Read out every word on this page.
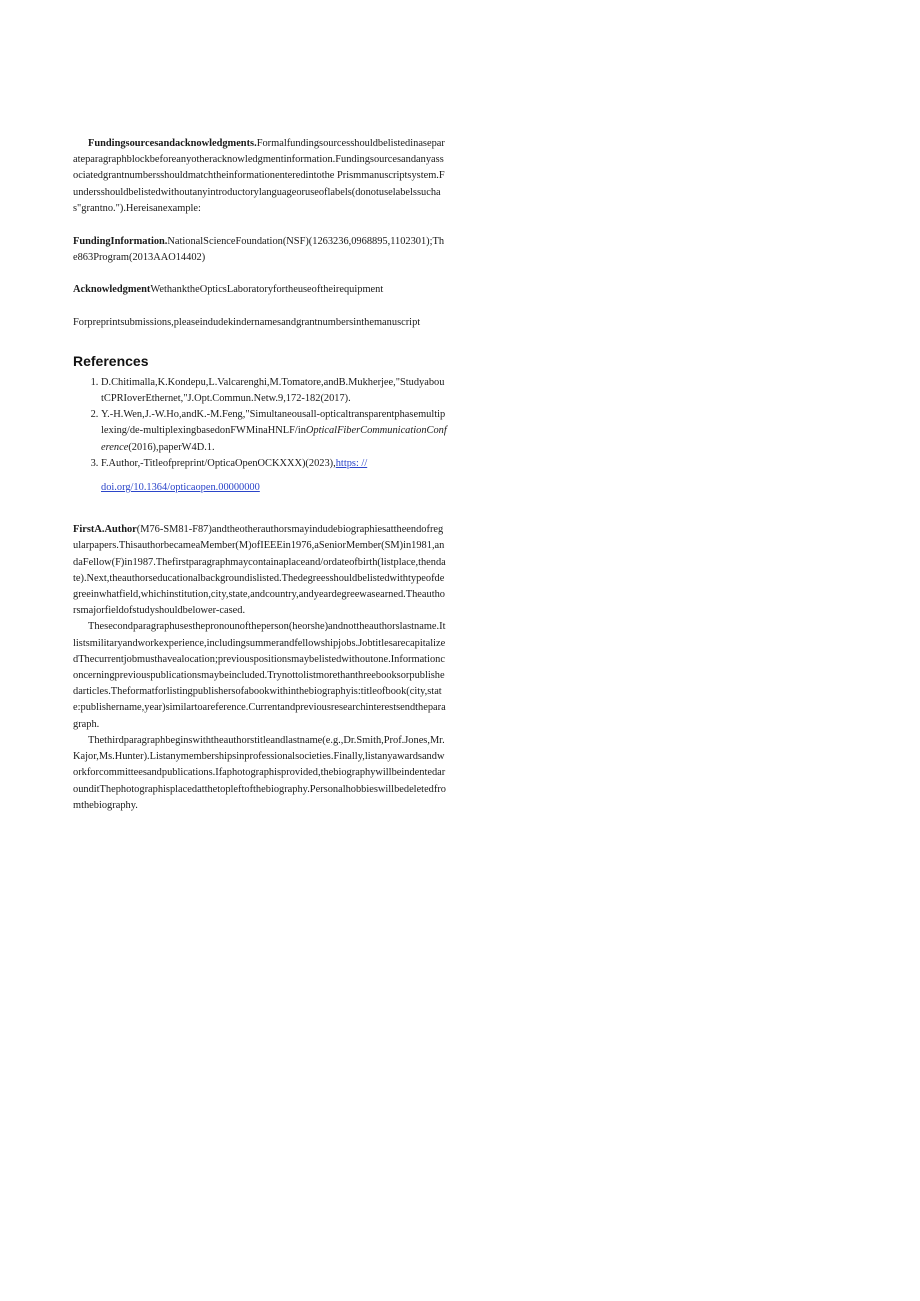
Fundingsourcesandacknowledgments.Formalfundingsourcesshouldbelistedinaseparateparagraphblockbeforeanyotheracknowledgmentinformation.Fundingsourcesandanyassociatedgrantnumbersshouldmatchtheinformationenteredintothe Prismmanuscriptsystem.Fundersshouldbelistedwithoutanyintroductorylanguageoruseoflabels(donotuselabelssuchas"grantno.").Hereisanexample:

FundingInformation.NationalScienceFoundation(NSF)(1263236,0968895,1102301);The863Program(2013AAO14402)

AcknowledgmentWethanktheOpticsLaboratoryfortheuseoftheirequipment

Forpreprintsubmissions,pleaseindudekindernamesandgrantnumbersinthemanuscript

References
1. D.Chitimalla,K.Kondepu,L.Valcarenghi,M.Tomatore,andB.Mukherjee,"StudyaboutCPRIoverEthernet,"J.Opt.Commun.Netw.9,172-182(2017).
2. Y.-H.Wen,J.-W.Ho,andK.-M.Feng,"Simultaneousall-opticaltransparentphasemultiplexing/de-multiplexingbasedonFWMinaHNLF/inOpticalFiberCommunicationConference(2016),paperW4D.1.
3. F.Author,-Titleofpreprint/OpticaOpenOCKXXX)(2023),https: //
doi.org/10.1364/opticaopen.00000000

FirstA.Author(M76-SM81-F87)andtheotherauthorsmayindudebiographiesattheendofregularpapers.ThisauthorbecameaMember(M)ofIEEEin1976,aSeniorMember(SM)in1981,andaFellow(F)in1987.Thefirstparagraphmaycontainaplaceand/ordateofbirth(listplace,thendate).Next,theauthorseducationalbackgroundislisted.Thedegreesshouldbelistedwithtypeofdegreeinwhatfield,whichinstitution,city,state,andcountry,andyeardegreewasearned.Theauthorsmajorfieldofstudyshouldbelower-cased.

Thesecondparagraphusesthepronounoftheperson(heorshe)andnottheauthorslastname.Itlistsmilitaryandworkexperience,includingsummerandfellowshipjobs.JobtitlesarecapitalizedThecurrentjobmusthavealocation;previouspositionsmaybelistedwithoutone.Informationconcerningpreviouspublicationsmaybeincluded.Trynottolistmorethanthreebooksorpublishedarticles.Theformatforlistingpublishersofabookwithinthebiographyis:titleofbook(city,state:publishername,year)similartoareference.Currentandpreviousresearchinterestsendtheparagraph.

Thethirdparagraphbeginswiththeauthorstitleandlastname(e.g.,Dr.Smith,Prof.Jones,Mr.Kajor,Ms.Hunter).Listanymembershipsinprofessionalsocieties.Finally,listanyawardsandworkforcommitteesandpublications.Ifaphotographisprovided,thebiographywillbeindentedarounditThephotographisplacedatthetopleftofthebiography.Personalhobbieswillbedeletedfromthebiography.
